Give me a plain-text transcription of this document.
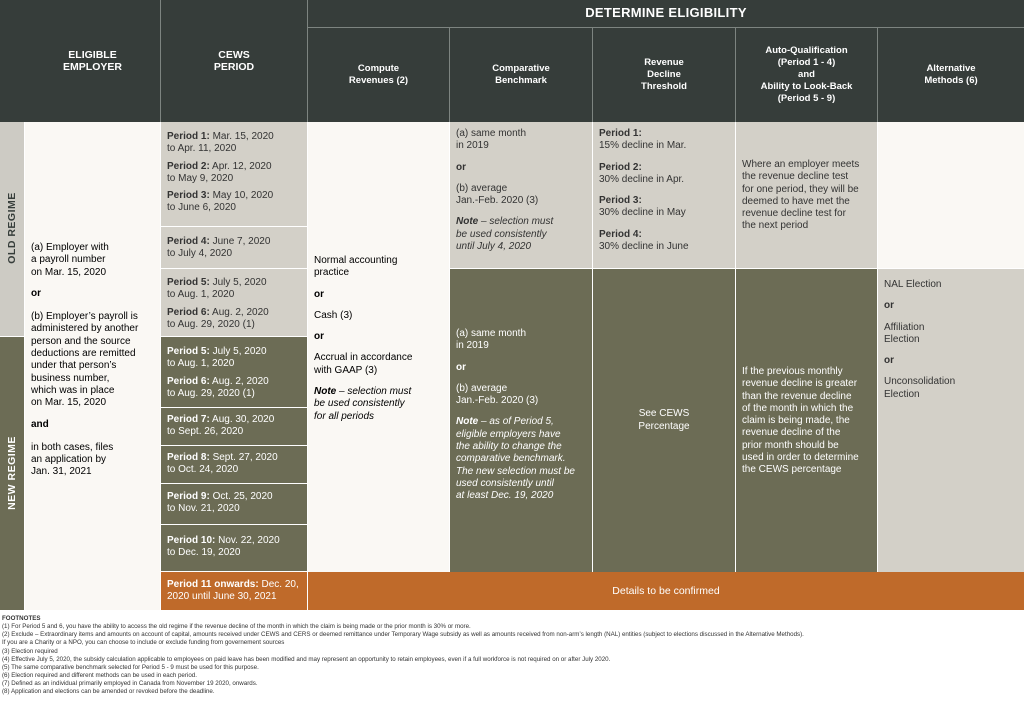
ELIGIBLE
EMPLOYER
CEWS
PERIOD
DETERMINE ELIGIBILITY
Compute
Revenues (2)
Comparative
Benchmark
Revenue
Decline
Threshold
Auto-Qualification
(Period 1 - 4)
and
Ability to Look-Back
(Period 5 - 9)
Alternative
Methods (6)
OLD REGIME
NEW REGIME

(a) Employer with

a payroll number

on Mar. 15, 2020

or

(b) Employer’s payroll is

administered by another

person and the source

deductions are remitted

under that person’s

business number,

which was in place

on Mar. 15, 2020

and

in both cases, files

an application by

Jan. 31, 2021

Period 1: Mar. 15, 2020
to Apr. 11, 2020
Period 2: Apr. 12, 2020
to May 9, 2020
Period 3: May 10, 2020
to June 6, 2020
Period 4: June 7, 2020
to July 4, 2020
Period 5: July 5, 2020
to Aug. 1, 2020
Period 6: Aug. 2, 2020
to Aug. 29, 2020 (1)
Period 5: July 5, 2020
to Aug. 1, 2020
Period 6: Aug. 2, 2020
to Aug. 29, 2020 (1)
Period 7: Aug. 30, 2020
to Sept. 26, 2020
Period 8: Sept. 27, 2020
to Oct. 24, 2020
Period 9: Oct. 25, 2020
to Nov. 21, 2020
Period 10: Nov. 22, 2020
to Dec. 19, 2020
Period 11 onwards: Dec. 20,
2020 until June 30, 2021

Normal accounting

practice

or

Cash (3)

or

Accrual in accordance

with GAAP (3)

Note – selection must

be used consistently

for all periods

(a) same month

in 2019

or

(b) average

Jan.-Feb. 2020 (3)

Note – selection must

be used consistently

until July 4, 2020

(a) same month

in 2019

or

(b) average

Jan.-Feb. 2020 (3)

Note – as of Period 5,

eligible employers have

the ability to change the

comparative benchmark.

The new selection must be

used consistently until

at least Dec. 19, 2020

Period 1:

15% decline in Mar.

Period 2:

30% decline in Apr.

Period 3:

30% decline in May

Period 4:

30% decline in June

See CEWS
Percentage

Where an employer meets

the revenue decline test

for one period, they will be

deemed to have met the

revenue decline test for

the next period

If the previous monthly

revenue decline is greater

than the revenue decline

of the month in which the

claim is being made, the

revenue decline of the

prior month should be

used in order to determine

the CEWS percentage

NAL Election

or

Affiliation

Election

or

Unconsolidation

Election

Details to be confirmed
FOOTNOTES
(1) For Period 5 and 6, you have the ability to access the old regime if the revenue decline of the month in which the claim is being made or the prior month is 30% or more.
(2) Exclude – Extraordinary items and amounts on account of capital, amounts received under CEWS and CERS or deemed remittance under Temporary Wage subsidy as well as amounts received from non-arm’s length (NAL) entities (subject to elections discussed in the Alternative Methods).
If you are a Charity or a NPO, you can choose to include or exclude funding from governement sources
(3) Election required
(4) Effective July 5, 2020, the subsidy calculation applicable to employees on paid leave has been modified and may represent an opportunity to retain employees, even if a full workforce is not required on or after July 2020.
(5) The same comparative benchmark selected for Period 5 - 9 must be used for this purpose.
(6) Election required and different methods can be used in each period.
(7) Defined as an individual primarily employed in Canada from November 19 2020, onwards.
(8) Application and elections can be amended or revoked before the deadline.
